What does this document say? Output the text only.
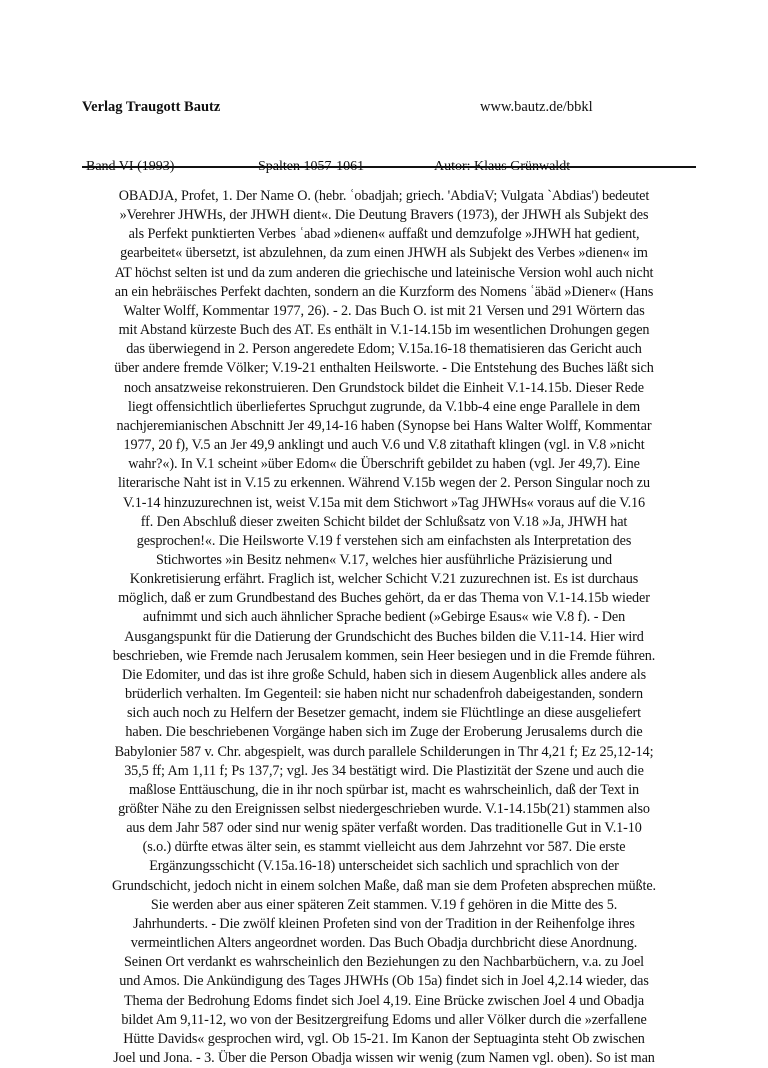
Verlag Traugott Bautz	www.bautz.de/bbkl
Band VI (1993)	Spalten 1057-1061	Autor: Klaus Grünwaldt
OBADJA, Profet, 1. Der Name O. (hebr. ʿobadjah; griech. 'AbdiaV; Vulgata `Abdias') bedeutet
»Verehrer JHWHs, der JHWH dient«. Die Deutung Bravers (1973), der JHWH als Subjekt des
als Perfekt punktierten Verbes ʿabad »dienen« auffaßt und demzufolge »JHWH hat gedient,
gearbeitet« übersetzt, ist abzulehnen, da zum einen JHWH als Subjekt des Verbes »dienen« im
AT höchst selten ist und da zum anderen die griechische und lateinische Version wohl auch nicht
an ein hebräisches Perfekt dachten, sondern an die Kurzform des Nomens ʿäbäd »Diener« (Hans
Walter Wolff, Kommentar 1977, 26). - 2. Das Buch O. ist mit 21 Versen und 291 Wörtern das
mit Abstand kürzeste Buch des AT. Es enthält in V.1-14.15b im wesentlichen Drohungen gegen
das überwiegend in 2. Person angeredete Edom; V.15a.16-18 thematisieren das Gericht auch
über andere fremde Völker; V.19-21 enthalten Heilsworte. - Die Entstehung des Buches läßt sich
noch ansatzweise rekonstruieren. Den Grundstock bildet die Einheit V.1-14.15b. Dieser Rede
liegt offensichtlich überliefertes Spruchgut zugrunde, da V.1bb-4 eine enge Parallele in dem
nachjeremianischen Abschnitt Jer 49,14-16 haben (Synopse bei Hans Walter Wolff, Kommentar
1977, 20 f), V.5 an Jer 49,9 anklingt und auch V.6 und V.8 zitathaft klingen (vgl. in V.8 »nicht
wahr?«). In V.1 scheint »über Edom« die Überschrift gebildet zu haben (vgl. Jer 49,7). Eine
literarische Naht ist in V.15 zu erkennen. Während V.15b wegen der 2. Person Singular noch zu
V.1-14 hinzuzurechnen ist, weist V.15a mit dem Stichwort »Tag JHWHs« voraus auf die V.16
ff. Den Abschluß dieser zweiten Schicht bildet der Schlußsatz von V.18 »Ja, JHWH hat
gesprochen!«. Die Heilsworte V.19 f verstehen sich am einfachsten als Interpretation des
Stichwortes »in Besitz nehmen« V.17, welches hier ausführliche Präzisierung und
Konkretisierung erfährt. Fraglich ist, welcher Schicht V.21 zuzurechnen ist. Es ist durchaus
möglich, daß er zum Grundbestand des Buches gehört, da er das Thema von V.1-14.15b wieder
aufnimmt und sich auch ähnlicher Sprache bedient (»Gebirge Esaus« wie V.8 f). - Den
Ausgangspunkt für die Datierung der Grundschicht des Buches bilden die V.11-14. Hier wird
beschrieben, wie Fremde nach Jerusalem kommen, sein Heer besiegen und in die Fremde führen.
Die Edomiter, und das ist ihre große Schuld, haben sich in diesem Augenblick alles andere als
brüderlich verhalten. Im Gegenteil: sie haben nicht nur schadenfroh dabeigestanden, sondern
sich auch noch zu Helfern der Besetzer gemacht, indem sie Flüchtlinge an diese ausgeliefert
haben. Die beschriebenen Vorgänge haben sich im Zuge der Eroberung Jerusalems durch die
Babylonier 587 v. Chr. abgespielt, was durch parallele Schilderungen in Thr 4,21 f; Ez 25,12-14;
35,5 ff; Am 1,11 f; Ps 137,7; vgl. Jes 34 bestätigt wird. Die Plastizität der Szene und auch die
maßlose Enttäuschung, die in ihr noch spürbar ist, macht es wahrscheinlich, daß der Text in
größter Nähe zu den Ereignissen selbst niedergeschrieben wurde. V.1-14.15b(21) stammen also
aus dem Jahr 587 oder sind nur wenig später verfaßt worden. Das traditionelle Gut in V.1-10
(s.o.) dürfte etwas älter sein, es stammt vielleicht aus dem Jahrzehnt vor 587. Die erste
Ergänzungsschicht (V.15a.16-18) unterscheidet sich sachlich und sprachlich von der
Grundschicht, jedoch nicht in einem solchen Maße, daß man sie dem Profeten absprechen müßte.
Sie werden aber aus einer späteren Zeit stammen. V.19 f gehören in die Mitte des 5.
Jahrhunderts. - Die zwölf kleinen Profeten sind von der Tradition in der Reihenfolge ihres
vermeintlichen Alters angeordnet worden. Das Buch Obadja durchbricht diese Anordnung.
Seinen Ort verdankt es wahrscheinlich den Beziehungen zu den Nachbarbüchern, v.a. zu Joel
und Amos. Die Ankündigung des Tages JHWHs (Ob 15a) findet sich in Joel 4,2.14 wieder, das
Thema der Bedrohung Edoms findet sich Joel 4,19. Eine Brücke zwischen Joel 4 und Obadja
bildet Am 9,11-12, wo von der Besitzergreifung Edoms und aller Völker durch die »zerfallene
Hütte Davids« gesprochen wird, vgl. Ob 15-21. Im Kanon der Septuaginta steht Ob zwischen
Joel und Jona. - 3. Über die Person Obadja wissen wir wenig (zum Namen vgl. oben). So ist man
